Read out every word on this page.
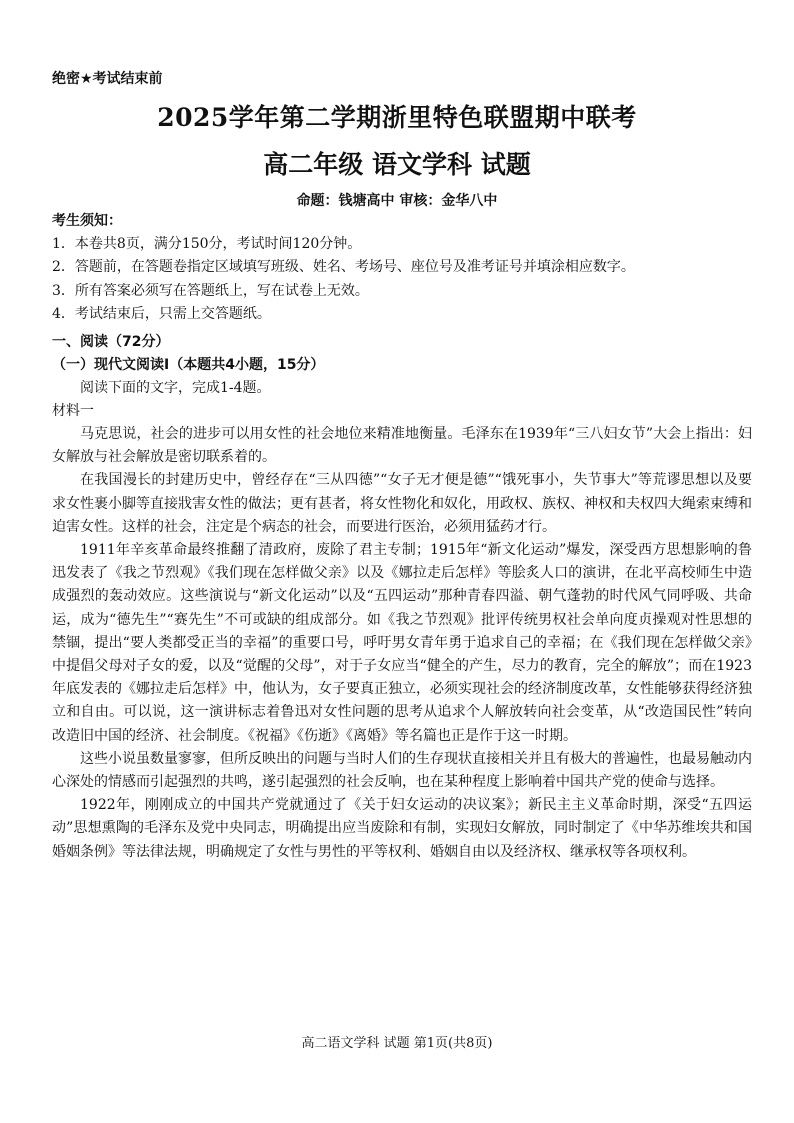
绝密★考试结束前
2025学年第二学期浙里特色联盟期中联考
高二年级 语文学科 试题
命题：钱塘高中 审核：金华八中
考生须知：
1．本卷共8页，满分150分，考试时间120分钟。
2．答题前，在答题卷指定区域填写班级、姓名、考场号、座位号及准考证号并填涂相应数字。
3．所有答案必须写在答题纸上，写在试卷上无效。
4．考试结束后，只需上交答题纸。
一、阅读（72分）
（一）现代文阅读Ⅰ（本题共4小题，15分）
阅读下面的文字，完成1-4题。
材料一

马克思说，社会的进步可以用女性的社会地位来精准地衡量。毛泽东在1939年“三八妇女节”大会上指出：妇女解放与社会解放是密切联系着的。

在我国漫长的封建历史中，曾经存在“三从四德”“女子无才便是德”“饿死事小，失节事大”等荒谬思想以及要求女性裹小脚等直接戕害女性的做法；更有甚者，将女性物化和奴化，用政权、族权、神权和夫权四大绳索束缚和迫害女性。这样的社会，注定是个病态的社会，而要进行医治，必须用猛药才行。

1911年辛亥革命最终推翻了清政府，废除了君主专制；1915年“新文化运动”爆发，深受西方思想影响的鲁迅发表了《我之节烈观》《我们现在怎样做父亲》以及《娜拉走后怎样》等脍炙人口的演讲，在北平高校师生中造成强烈的轰动效应。这些演说与“新文化运动”以及“五四运动”那种青春四溢、朝气蓬勃的时代风气同呼吸、共命运，成为“德先生”“赛先生”不可或缺的组成部分。如《我之节烈观》批评传统男权社会单向度贞操观对性思想的禁锢，提出“要人类都受正当的幸福”的重要口号，呼吁男女青年勇于追求自己的幸福；在《我们现在怎样做父亲》中提倡父母对子女的爱，以及“觉醒的父母”，对于子女应当“健全的产生，尽力的教育，完全的解放”；而在1923年底发表的《娜拉走后怎样》中，他认为，女子要真正独立，必须实现社会的经济制度改革，女性能够获得经济独立和自由。可以说，这一演讲标志着鲁迅对女性问题的思考从追求个人解放转向社会变革，从“改造国民性”转向改造旧中国的经济、社会制度。《祝福》《伤逝》《离婚》等名篇也正是作于这一时期。

这些小说虽数量寥寥，但所反映出的问题与当时人们的生存现状直接相关并且有极大的普遍性，也最易触动内心深处的情感而引起强烈的共鸣，遂引起强烈的社会反响，也在某种程度上影响着中国共产党的使命与选择。

1922年，刚刚成立的中国共产党就通过了《关于妇女运动的决议案》；新民主主义革命时期，深受“五四运动”思想熏陶的毛泽东及党中央同志，明确提出应当废除和有制，实现妇女解放，同时制定了《中华苏维埃共和国婚姻条例》等法律法规，明确规定了女性与男性的平等权利、婚姻自由以及经济权、继承权等各项权利。

高二语文学科 试题 第1页(共8页)
